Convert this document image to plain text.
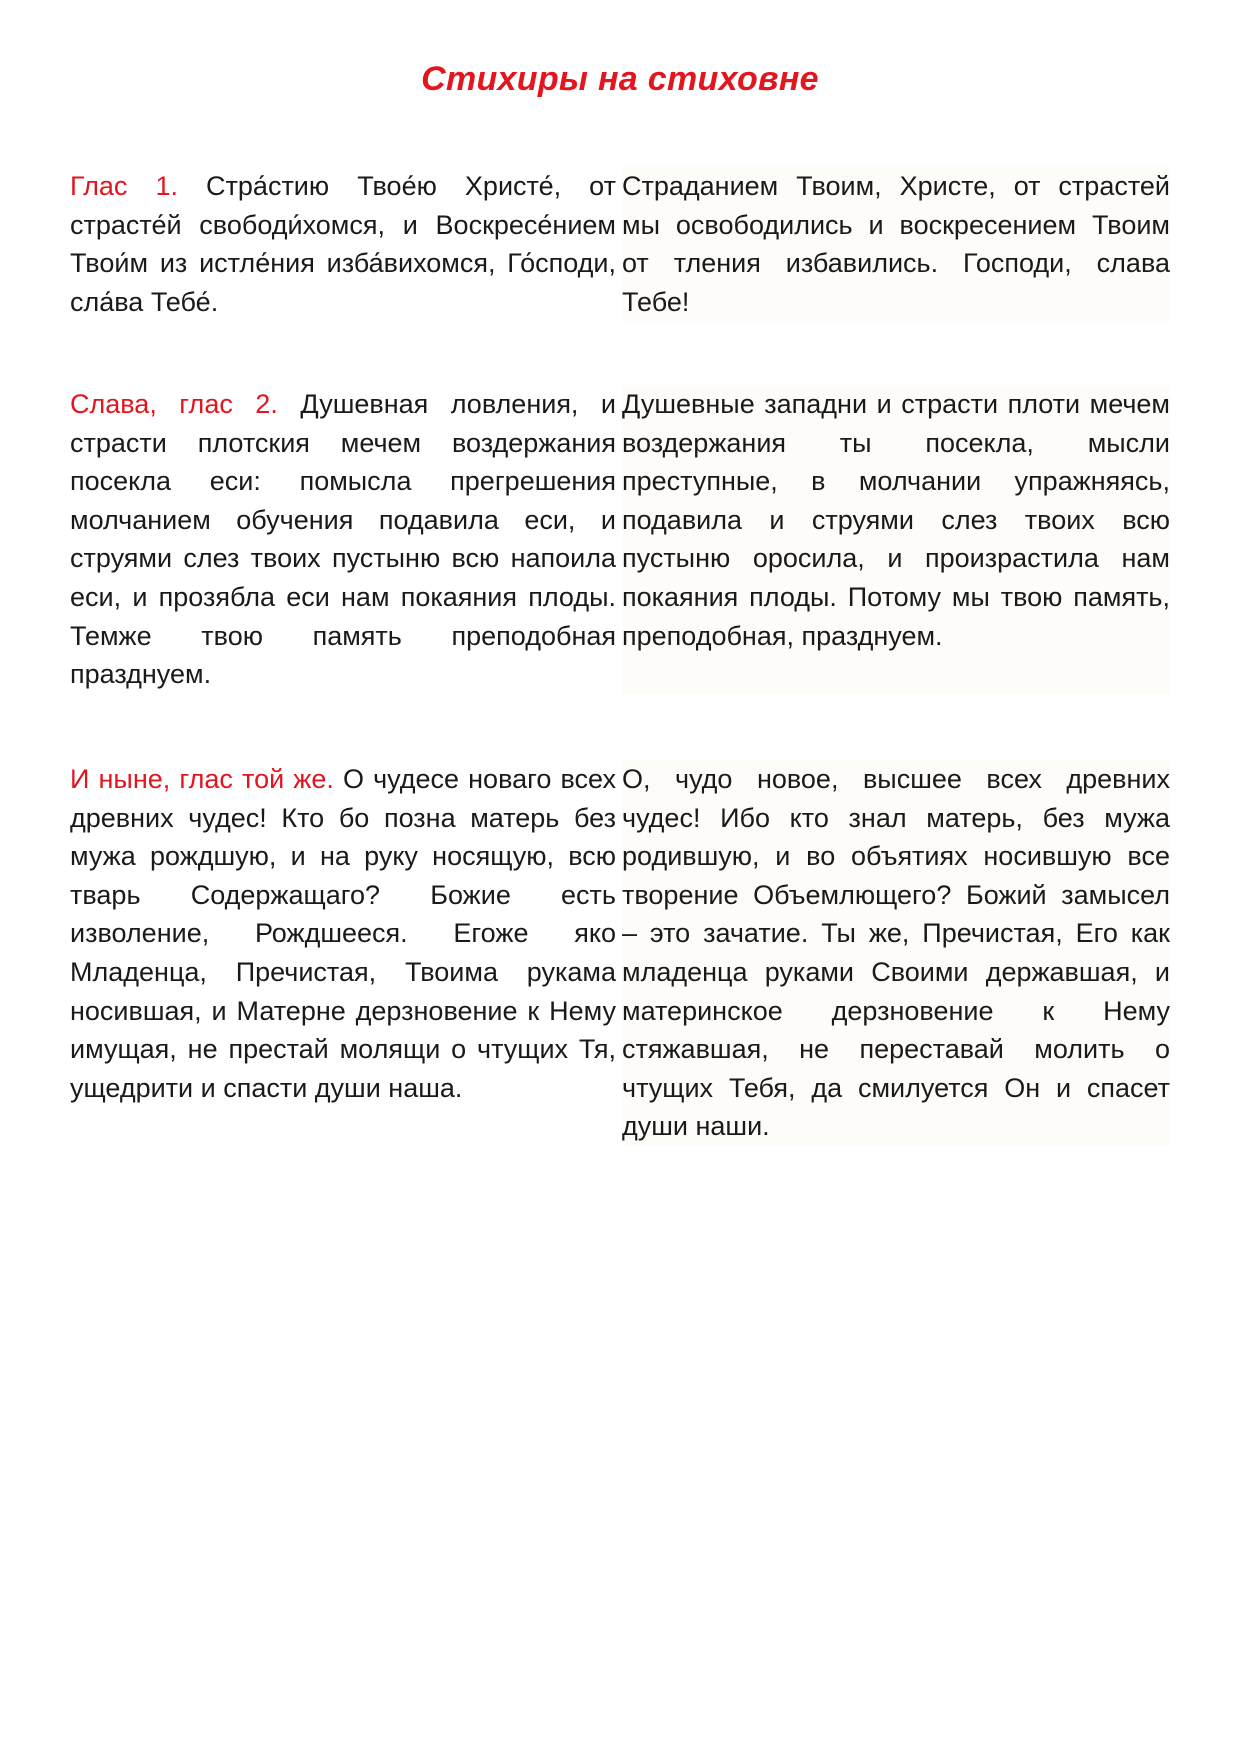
Стихиры на стиховне
Глас 1. Стра́стию Твое́ю Христе́, от страсте́й свободи́хомся, и Воскресе́нием Твои́м из истле́ния изба́вихомся, Го́споди, сла́ва Тебе́.
Страданием Твоим, Христе, от страстей мы освободились и воскресением Твоим от тления избавились. Господи, слава Тебе!
Слава, глас 2. Душевная ловления, и страсти плотския мечем воздержания посекла еси: помысла прегрешения молчанием обучения подавила еси, и струями слез твоих пустыню всю напоила еси, и прозябла еси нам покаяния плоды. Темже твою память преподобная празднуем.
Душевные западни и страсти плоти мечем воздержания ты посекла, мысли преступные, в молчании упражняясь, подавила и струями слез твоих всю пустыню оросила, и произрастила нам покаяния плоды. Потому мы твою память, преподобная, празднуем.
И ныне, глас той же. О чудесе новаго всех древних чудес! Кто бо позна матерь без мужа рождшую, и на руку носящую, всю тварь Содержащаго? Божие есть изволение, Рождшееся. Егоже яко Младенца, Пречистая, Твоима рукама носившая, и Матерне дерзновение к Нему имущая, не престай молящи о чтущих Тя, ущедрити и спасти души наша.
О, чудо новое, высшее всех древних чудес! Ибо кто знал матерь, без мужа родившую, и во объятиях носившую все творение Объемлющего? Божий замысел – это зачатие. Ты же, Пречистая, Его как младенца руками Своими державшая, и материнское дерзновение к Нему стяжавшая, не переставай молить о чтущих Тебя, да смилуется Он и спасет души наши.
